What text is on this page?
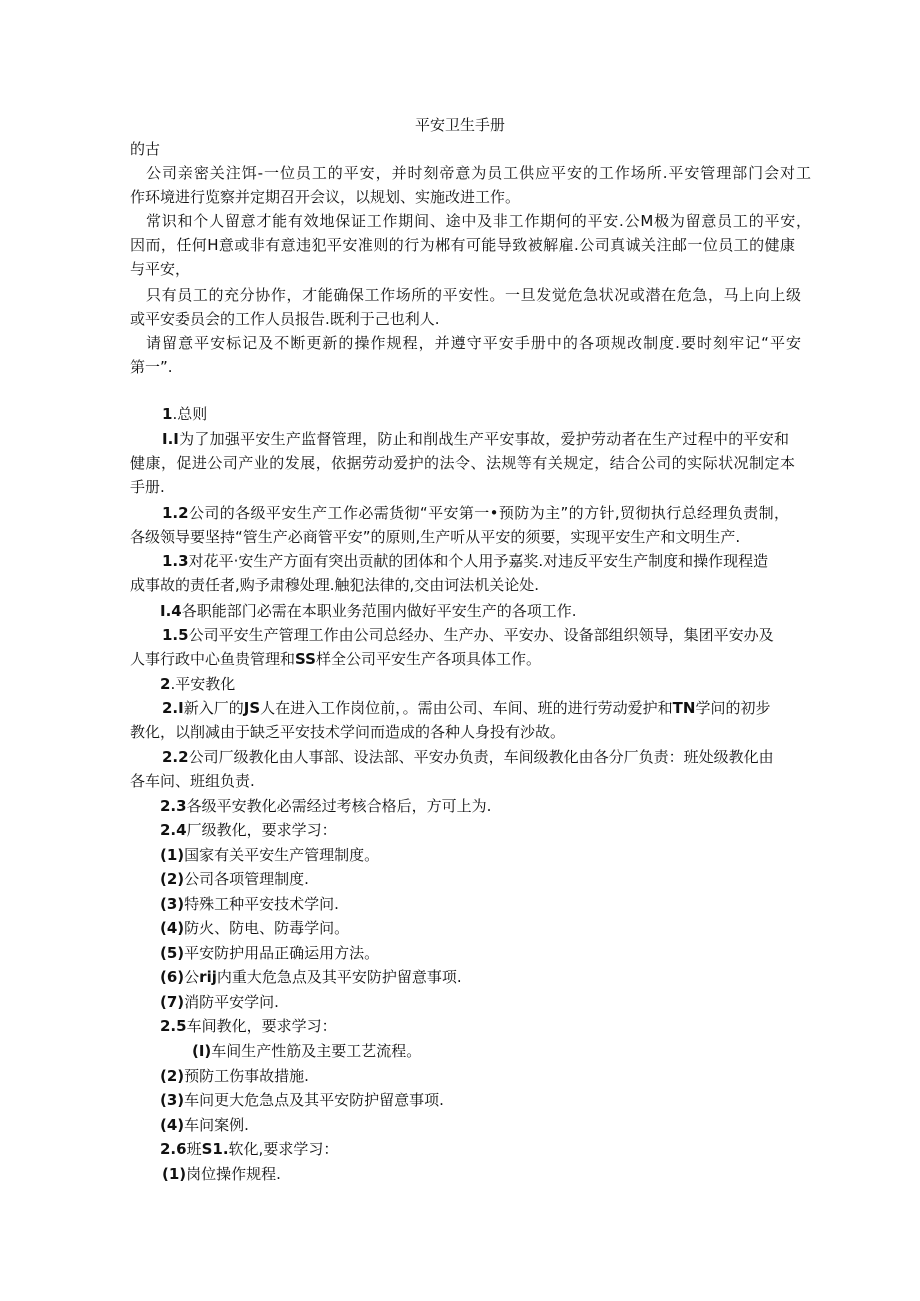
平安卫生手册
的古
公司亲密关注饵-一位员工的平安，并时刻帝意为员工供应平安的工作场所.平安管理部门会对工
作环境进行览察并定期召开会议，以规划、实施改进工作。
常识和个人留意才能有效地保证工作期间、途中及非工作期何的平安.公M极为留意员工的平安，
因而，任何H意或非有意违犯平安准则的行为郴有可能导致被解雇.公司真诚关注邮一位员工的健康
与平安，
只有员工的充分协作，才能确保工作场所的平安性。一旦发觉危急状况或潜在危急，马上向上级
或平安委员会的工作人员报告.既利于己也利人.
请留意平安标记及不断更新的操作规程，并遵守平安手册中的各项规改制度.要时刻牢记“平安
第一”.
1.总则
I.I为了加强平安生产监督管理，防止和削战生产平安事故，爱护劳动者在生产过程中的平安和
健康，促进公司产业的发展，依据劳动爱护的法令、法规等有关规定，结合公司的实际状况制定本
手册.
1.2公司的各级平安生产工作必需货彻“平安第一•预防为主”的方针,贸彻执行总经理负责制，
各级领导要坚持“管生产必商管平安”的原则,生产听从平安的须要，实现平安生产和文明生产.
1.3对花平·安生产方面有突出贡献的团体和个人用予嘉奖.对违反平安生产制度和操作现程造
成事故的责任者,购予肃穆处理.触犯法律的,交由诃法机关论处.
I.4各职能部门必需在本职业务范围内做好平安生产的各项工作.
1.5公司平安生产管理工作由公司总经办、生产办、平安办、设备部组织领导，集团平安办及
人事行政中心鱼贵管理和SS样全公司平安生产各项具体工作。
2.平安教化
2.I新入厂的JS人在进入工作岗位前，。需由公司、车间、班的进行劳动爱护和TN学问的初步
教化，以削减由于缺乏平安技术学问而造成的各种人身投有沙故。
2.2公司厂级教化由人事部、设法部、平安办负责，车间级教化由各分厂负责：班处级教化由
各车问、班组负责.
2.3各级平安教化必需经过考核合格后，方可上为.
2.4厂级教化，要求学习：
(1)国家有关平安生产管理制度。
(2)公司各项管理制度.
(3)特殊工种平安技术学问.
(4)防火、防电、防毒学问。
(5)平安防护用品正确运用方法。
(6)公rij内重大危急点及其平安防护留意事项.
(7)消防平安学问.
2.5车间教化，要求学习：
(I)车间生产性筋及主要工艺流程。
(2)预防工伤事故措施.
(3)车问更大危急点及其平安防护留意事项.
(4)车问案例.
2.6班S1.软化,要求学习：
(1)岗位操作规程.
